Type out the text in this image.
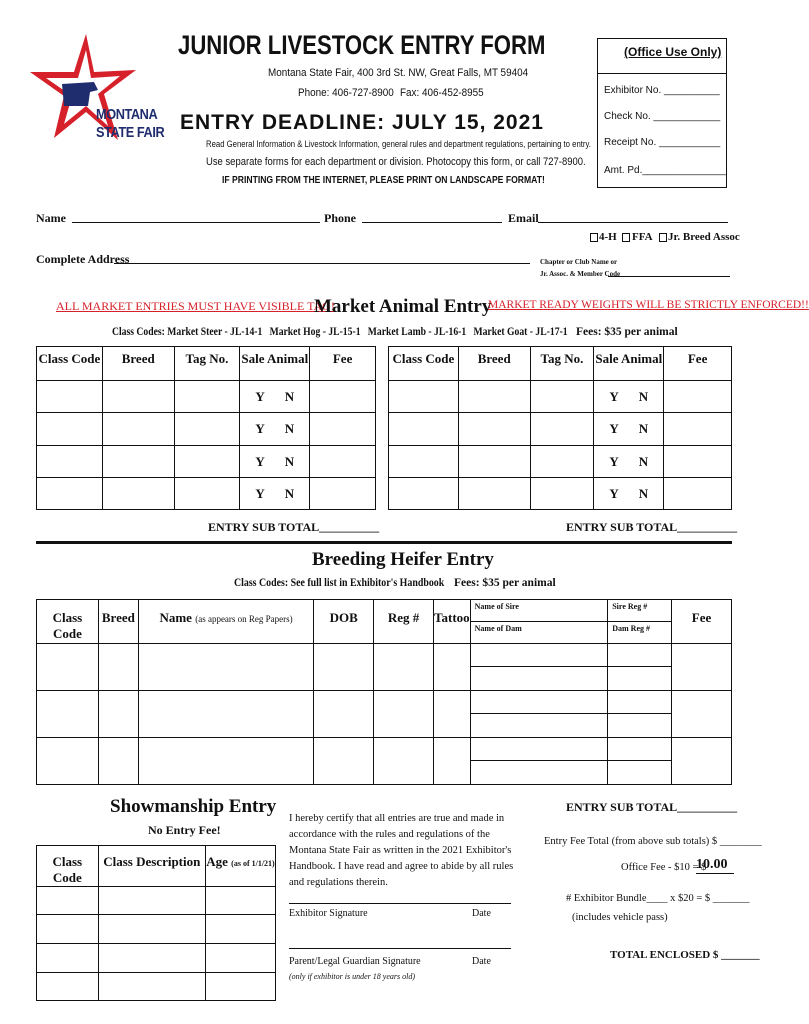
MONTANA
STATE FAIR
JUNIOR LIVESTOCK ENTRY FORM
Montana State Fair, 400 3rd St. NW, Great Falls, MT 59404
Phone: 406-727-8900 Fax: 406-452-8955
ENTRY DEADLINE: JULY 15, 2021
Read General Information & Livestock Information, general rules and department regulations, pertaining to entry.
Use separate forms for each department or division. Photocopy this form, or call 727-8900.
IF PRINTING FROM THE INTERNET, PLEASE PRINT ON LANDSCAPE FORMAT!
(Office Use Only)
Exhibitor No. __________
Check No. ____________
Receipt No. ___________
Amt. Pd._______________
Name	Phone	Email
4-H FFA Jr. Breed Assoc
Complete Address	Chapter or Club Name or
Jr. Assoc. & Member Code
ALL MARKET ENTRIES MUST HAVE VISIBLE TAG!
Market Animal Entry
MARKET READY WEIGHTS WILL BE STRICTLY ENFORCED!!
Class Codes: Market Steer - JL-14-1   Market Hog - JL-15-1   Market Lamb - JL-16-1   Market Goat - JL-17-1 Fees: $35 per animal
Class Code	Breed	Tag No.	Sale Animal	Fee
			Y N	
			Y N	
			Y N	
			Y N	
Class Code	Breed	Tag No.	Sale Animal	Fee
			Y N	
			Y N	
			Y N	
			Y N	
ENTRY SUB TOTAL__________	ENTRY SUB TOTAL__________
Breeding Heifer Entry
Class Codes: See full list in Exhibitor's Handbook Fees: $35 per animal
Class Code	Breed	Name (as appears on Reg Papers)	DOB	Reg #	Tattoo	Name of Sire	Sire Reg #	Fee
						Name of Dam	Dam Reg #	

Showmanship Entry
No Entry Fee!
Class Code	Class Description	Age (as of 1/1/21)

I hereby certify that all entries are true and made in accordance with the rules and regulations of the Montana State Fair as written in the 2021 Exhibitor's Handbook. I have read and agree to abide by all rules and regulations therein.
Exhibitor Signature	Date
Parent/Legal Guardian Signature	Date
(only if exhibitor is under 18 years old)
ENTRY SUB TOTAL__________
Entry Fee Total (from above sub totals) $ ________
Office Fee - $10 = $
10.00
# Exhibitor Bundle____ x $20 = $ _______
(includes vehicle pass)
TOTAL ENCLOSED $ _______
